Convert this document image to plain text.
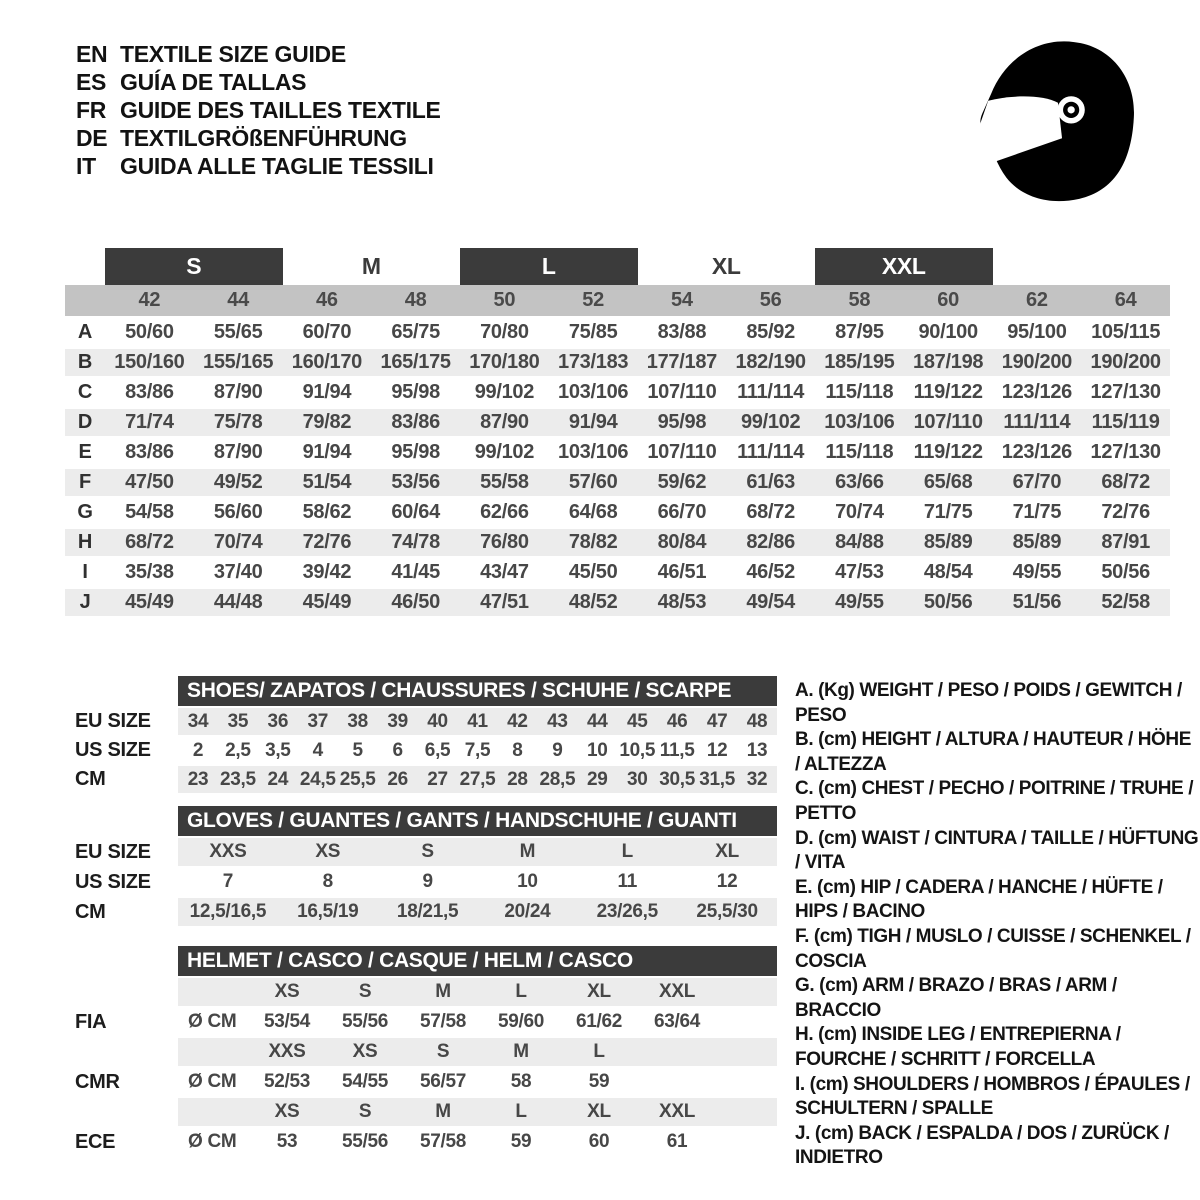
EN TEXTILE SIZE GUIDE
ES GUÍA DE TALLAS
FR GUIDE DES TAILLES TEXTILE
DE TEXTILGRÖßENFÜHRUNG
IT	GUIDA ALLE TAGLIE TESSILI
S	M	L	XL	XXL
42	44	46	48	50	52	54	56	58	60	62	64
A	50/60	55/65	60/70	65/75	70/80	75/85	83/88	85/92	87/95	90/100	95/100	105/115
B	150/160 155/165 160/170 165/175 170/180 173/183 177/187 182/190 185/195 187/198 190/200 190/200
C	83/86	87/90	91/94	95/98	99/102	103/106 107/110	111/114	115/118	119/122 123/126 127/130
D	71/74	75/78	79/82	83/86	87/90	91/94	95/98	99/102	103/106 107/110	111/114	115/119
E	83/86	87/90	91/94	95/98	99/102	103/106 107/110	111/114	115/118	119/122 123/126 127/130
F	47/50	49/52	51/54	53/56	55/58	57/60	59/62	61/63	63/66	65/68	67/70	68/72
G	54/58	56/60	58/62	60/64	62/66	64/68	66/70	68/72	70/74	71/75	71/75	72/76
H	68/72	70/74	72/76	74/78	76/80	78/82	80/84	82/86	84/88	85/89	85/89	87/91
I	35/38	37/40	39/42	41/45	43/47	45/50	46/51	46/52	47/53	48/54	49/55	50/56
J	45/49	44/48	45/49	46/50	47/51	48/52	48/53	49/54	49/55	50/56	51/56	52/58
SHOES/ ZAPATOS / CHAUSSURES / SCHUHE / SCARPE
EU SIZE	34	35	36	37	38	39	40	41	42	43	44	45	46	47	48
US SIZE	2	2,5 3,5	4	5	6	6,5 7,5	8	9	10 10,5 11,5 12	13
CM	23 23,5 24 24,5 25,5 26	27 27,5 28 28,5 29	30 30,5 31,5 32
GLOVES / GUANTES / GANTS / HANDSCHUHE / GUANTI
EU SIZE	XXS	XS	S	M	L	XL
US SIZE	7	8	9	10	11	12
CM	12,5/16,5	16,5/19	18/21,5	20/24	23/26,5	25,5/30
HELMET / CASCO / CASQUE / HELM / CASCO
XS	S	M	L	XL	XXL
FIA	Ø CM	53/54	55/56	57/58	59/60	61/62	63/64
XXS	XS	S	M	L
CMR	Ø CM	52/53	54/55	56/57	58	59
XS	S	M	L	XL	XXL
ECE	Ø CM	53	55/56	57/58	59	60	61
A. (Kg) WEIGHT / PESO / POIDS / GEWITCH / PESO
B. (cm) HEIGHT / ALTURA / HAUTEUR / HÖHE / ALTEZZA
C. (cm) CHEST / PECHO / POITRINE / TRUHE / PETTO
D. (cm) WAIST / CINTURA / TAILLE / HÜFTUNG / VITA
E. (cm) HIP / CADERA / HANCHE / HÜFTE / HIPS / BACINO
F. (cm) TIGH / MUSLO / CUISSE / SCHENKEL / COSCIA
G. (cm) ARM / BRAZO / BRAS / ARM / BRACCIO
H. (cm) INSIDE LEG / ENTREPIERNA / FOURCHE / SCHRITT / FORCELLA
I. (cm) SHOULDERS / HOMBROS / ÉPAULES / SCHULTERN / SPALLE
J. (cm) BACK / ESPALDA / DOS / ZURÜCK / INDIETRO
